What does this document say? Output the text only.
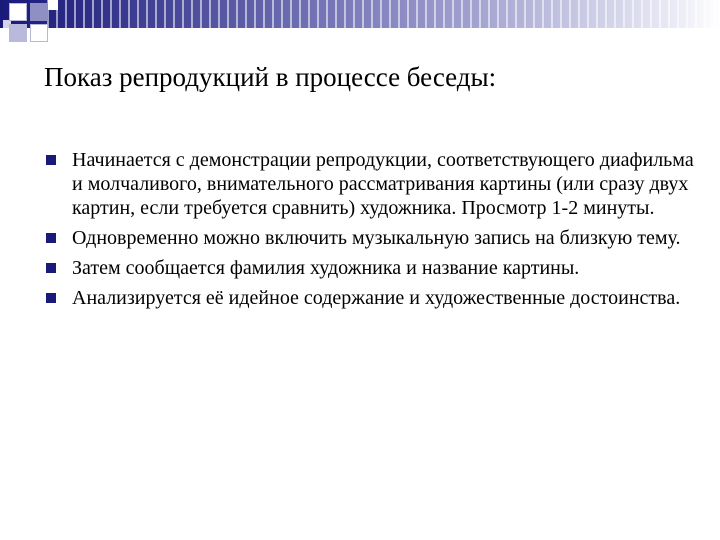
Показ репродукций в процессе беседы:
Начинается с демонстрации репродукции, соответствующего диафильма и молчаливого, внимательного рассматривания картины (или сразу двух картин, если требуется сравнить) художника. Просмотр 1-2 минуты.
Одновременно можно включить музыкальную запись на близкую тему.
Затем сообщается фамилия художника и название картины.
Анализируется её идейное содержание и художественные достоинства.
